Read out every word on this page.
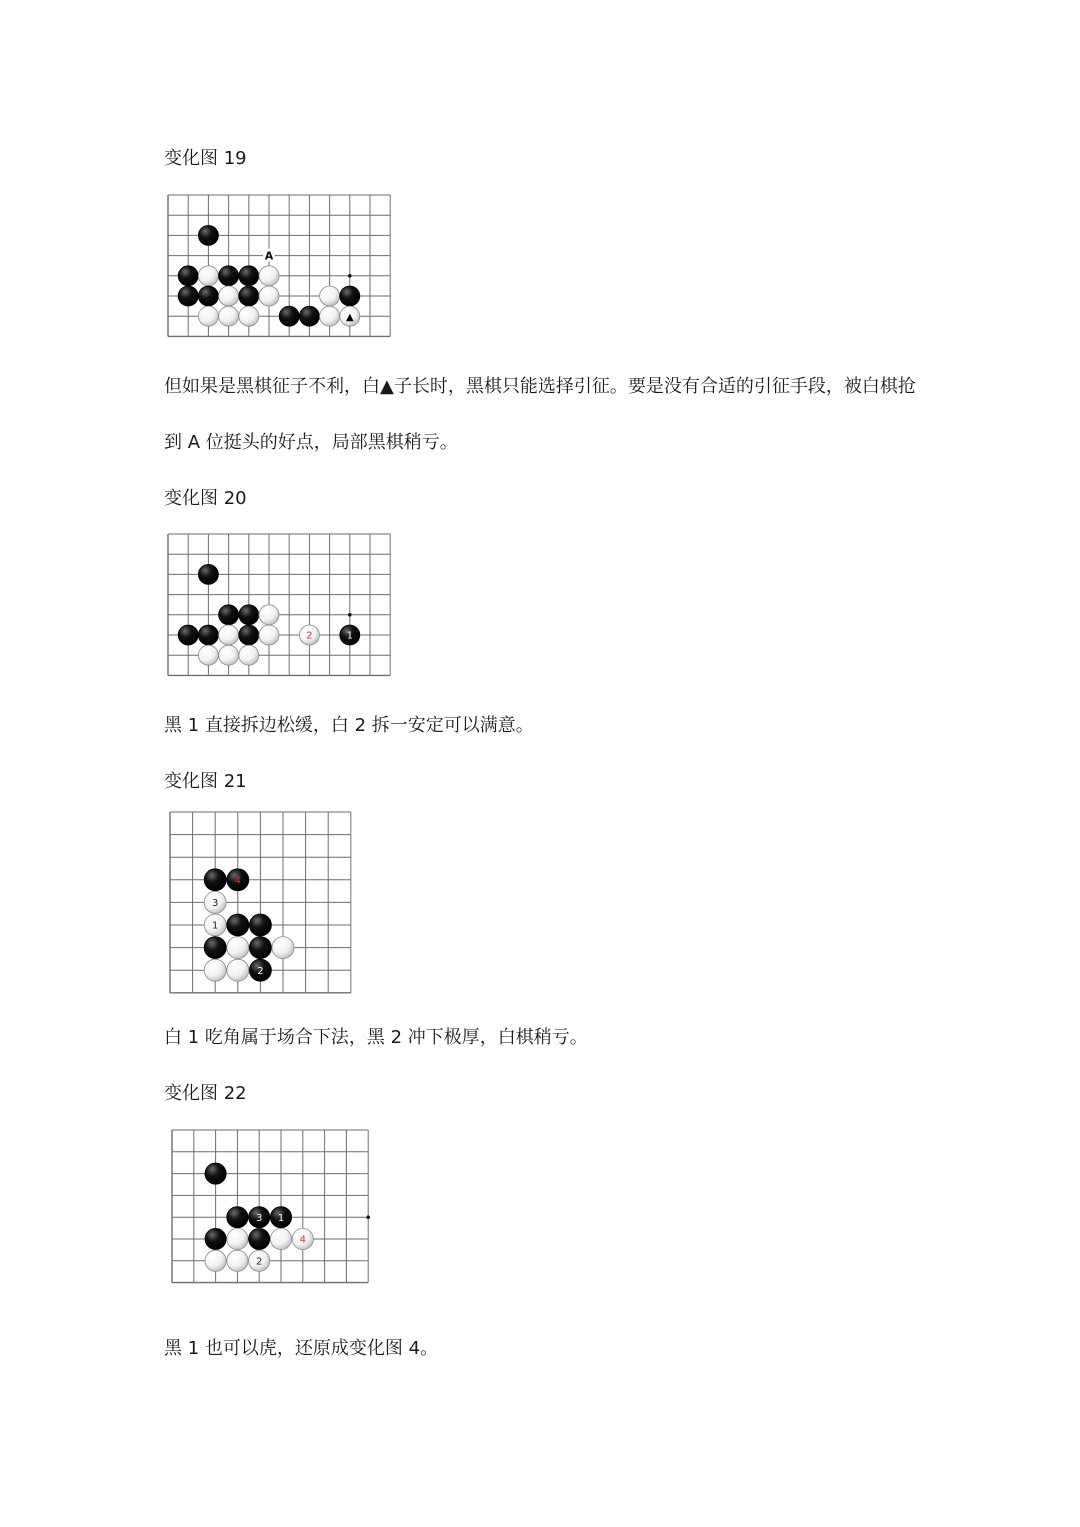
变化图 19

A
▲

但如果是黑棋征子不利，白▲子长时，黑棋只能选择引征。要是没有合适的引征手段，被白棋抢

到 A 位挺头的好点，局部黑棋稍亏。

变化图 20

2	1

黑 1 直接拆边松缓，白 2 拆一安定可以满意。

变化图 21

4
3
1
2

白 1 吃角属于场合下法，黑 2 冲下极厚，白棋稍亏。

变化图 22

3 1
4
2

黑 1 也可以虎，还原成变化图 4。
